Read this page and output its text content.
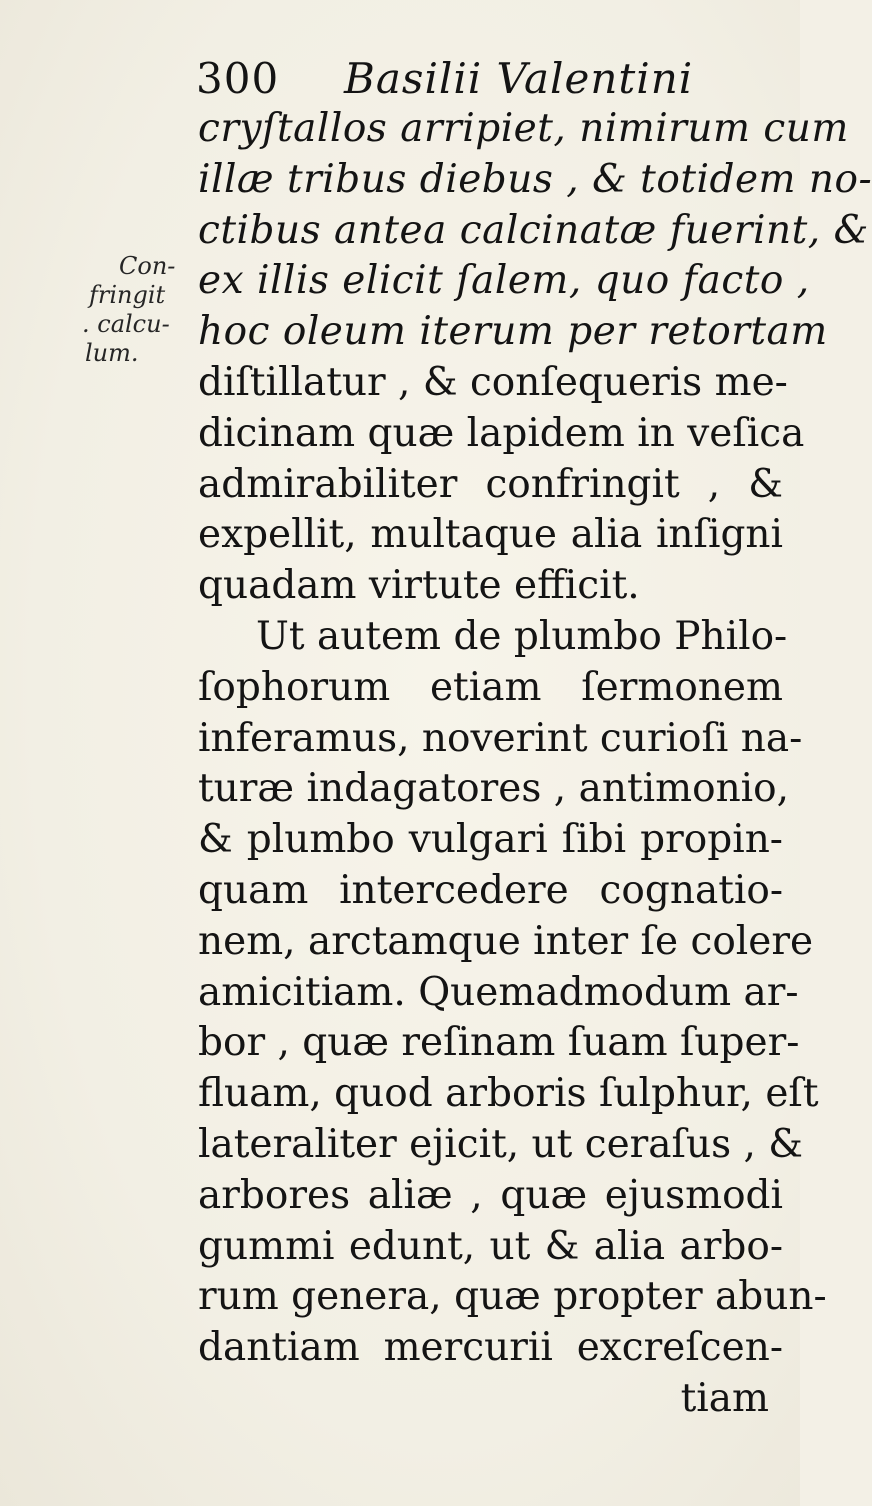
300 Basilii Valentini
Con-
fringit
. calcu-
lum.
cryſtallos arripiet, nimirum cum
illæ tribus diebus , & totidem no-
ctibus antea calcinatæ fuerint, &
ex illis elicit ſalem, quo facto ,
hoc oleum iterum per retortam
diſtillatur , & conſequeris me-
dicinam quæ lapidem in veſica
admirabiliter confringit , &
expellit, multaque alia inſigni
quadam virtute efficit.
Ut autem de plumbo Philo-
ſophorum etiam ſermonem
inferamus, noverint curioſi na-
turæ indagatores , antimonio,
& plumbo vulgari ſibi propin-
quam intercedere cognatio-
nem, arctamque inter ſe colere
amicitiam. Quemadmodum ar-
bor , quæ reſinam ſuam ſuper-
fluam, quod arboris ſulphur, eſt
lateraliter ejicit, ut ceraſus , &
arbores aliæ , quæ ejusmodi
gummi edunt, ut & alia arbo-
rum genera, quæ propter abun-
dantiam mercurii excreſcen-
tiam
